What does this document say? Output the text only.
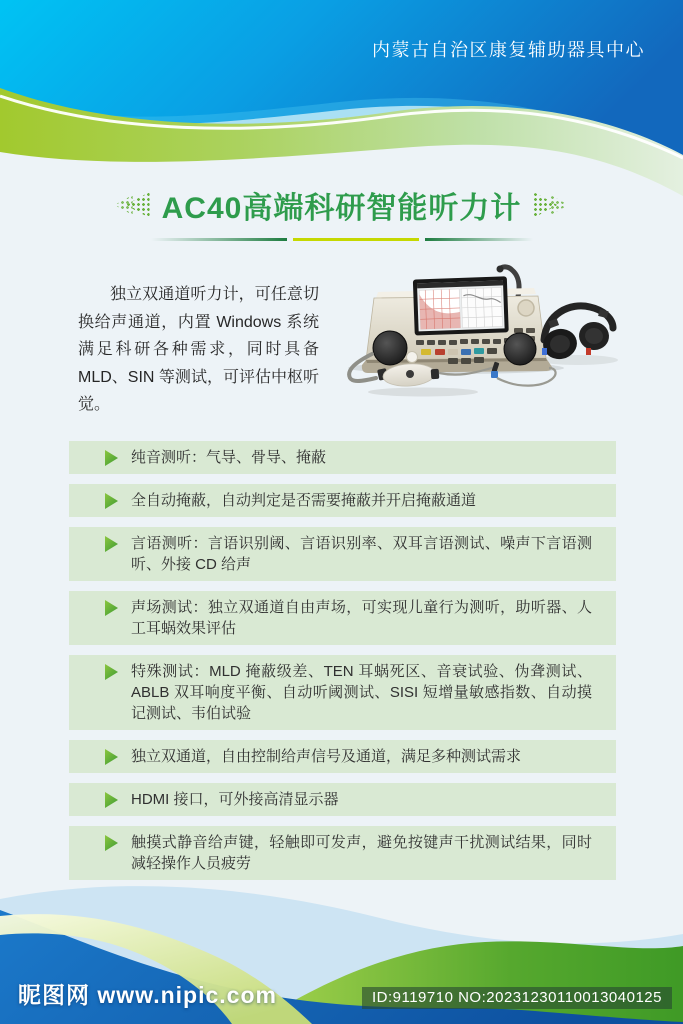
内蒙古自治区康复辅助器具中心
AC40高端科研智能听力计
独立双通道听力计，可任意切换给声通道，内置 Windows 系统满足科研各种需求，同时具备 MLD、SIN 等测试，可评估中枢听觉。
纯音测听：气导、骨导、掩蔽
全自动掩蔽，自动判定是否需要掩蔽并开启掩蔽通道
言语测听：言语识别阈、言语识别率、双耳言语测试、噪声下言语测听、外接 CD 给声
声场测试：独立双通道自由声场，可实现儿童行为测听，助听器、人工耳蜗效果评估
特殊测试：MLD 掩蔽级差、TEN 耳蜗死区、音衰试验、伪聋测试、ABLB 双耳响度平衡、自动听阈测试、SISI 短增量敏感指数、自动摸记测试、韦伯试验
独立双通道，自由控制给声信号及通道，满足多种测试需求
HDMI 接口，可外接高清显示器
触摸式静音给声键，轻触即可发声，避免按键声干扰测试结果，同时减轻操作人员疲劳
昵图网 www.nipic.com	ID:9119710 NO:20231230110013040125
